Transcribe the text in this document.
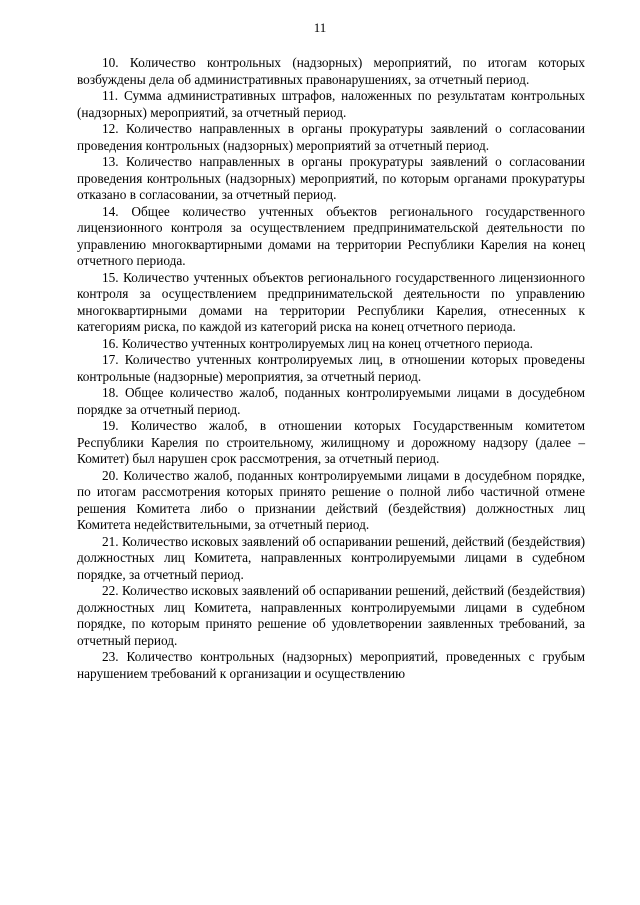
11

10. Количество контрольных (надзорных) мероприятий, по итогам которых возбуждены дела об административных правонарушениях, за отчетный период.

11. Сумма административных штрафов, наложенных по результатам контрольных (надзорных) мероприятий, за отчетный период.

12. Количество направленных в органы прокуратуры заявлений о согласовании проведения контрольных (надзорных) мероприятий за отчетный период.

13. Количество направленных в органы прокуратуры заявлений о согласовании проведения контрольных (надзорных) мероприятий, по которым органами прокуратуры отказано в согласовании, за отчетный период.

14. Общее количество учтенных объектов регионального государственного лицензионного контроля за осуществлением предпринимательской деятельности по управлению многоквартирными домами на территории Республики Карелия на конец отчетного периода.

15. Количество учтенных объектов регионального государственного лицензионного контроля за осуществлением предпринимательской деятельности по управлению многоквартирными домами на территории Республики Карелия, отнесенных к категориям риска, по каждой из категорий риска на конец отчетного периода.

16. Количество учтенных контролируемых лиц на конец отчетного периода.

17. Количество учтенных контролируемых лиц, в отношении которых проведены контрольные (надзорные) мероприятия, за отчетный период.

18. Общее количество жалоб, поданных контролируемыми лицами в досудебном порядке за отчетный период.

19. Количество жалоб, в отношении которых Государственным комитетом Республики Карелия по строительному, жилищному и дорожному надзору (далее – Комитет) был нарушен срок рассмотрения, за отчетный период.

20. Количество жалоб, поданных контролируемыми лицами в досудебном порядке, по итогам рассмотрения которых принято решение о полной либо частичной отмене решения Комитета либо о признании действий (бездействия) должностных лиц Комитета недействительными, за отчетный период.

21. Количество исковых заявлений об оспаривании решений, действий (бездействия) должностных лиц Комитета, направленных контролируемыми лицами в судебном порядке, за отчетный период.

22. Количество исковых заявлений об оспаривании решений, действий (бездействия) должностных лиц Комитета, направленных контролируемыми лицами в судебном порядке, по которым принято решение об удовлетворении заявленных требований, за отчетный период.

23. Количество контрольных (надзорных) мероприятий, проведенных с грубым нарушением требований к организации и осуществлению
